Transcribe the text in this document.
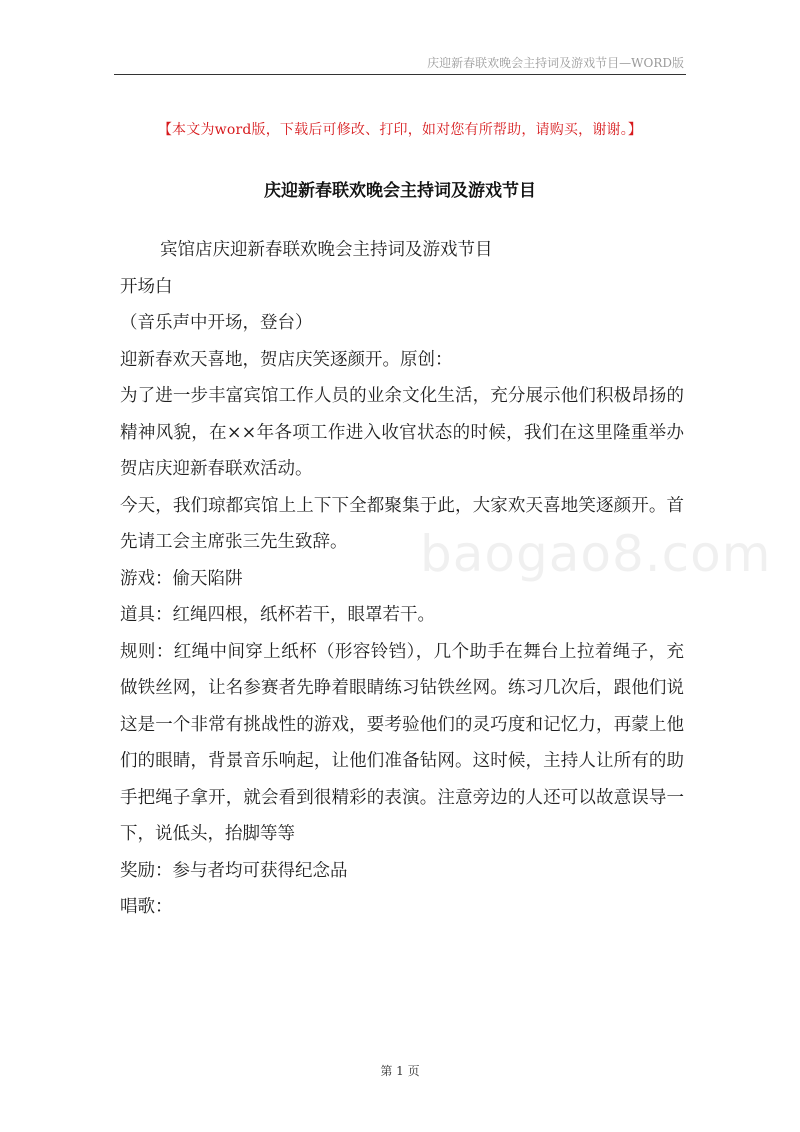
庆迎新春联欢晚会主持词及游戏节目—WORD版
【本文为word版，下载后可修改、打印，如对您有所帮助，请购买，谢谢。】
庆迎新春联欢晚会主持词及游戏节目

宾馆店庆迎新春联欢晚会主持词及游戏节目

开场白

（音乐声中开场，登台）

迎新春欢天喜地，贺店庆笑逐颜开。原创：

为了进一步丰富宾馆工作人员的业余文化生活，充分展示他们积极昂扬的精神风貌，在××年各项工作进入收官状态的时候，我们在这里隆重举办贺店庆迎新春联欢活动。

今天，我们琼都宾馆上上下下全都聚集于此，大家欢天喜地笑逐颜开。首先请工会主席张三先生致辞。

游戏：偷天陷阱

道具：红绳四根，纸杯若干，眼罩若干。

规则：红绳中间穿上纸杯（形容铃铛），几个助手在舞台上拉着绳子，充做铁丝网，让名参赛者先睁着眼睛练习钻铁丝网。练习几次后，跟他们说这是一个非常有挑战性的游戏，要考验他们的灵巧度和记忆力，再蒙上他们的眼睛，背景音乐响起，让他们准备钻网。这时候，主持人让所有的助手把绳子拿开，就会看到很精彩的表演。注意旁边的人还可以故意误导一下，说低头，抬脚等等

奖励：参与者均可获得纪念品

唱歌：

baogao8.com
第 1 页
